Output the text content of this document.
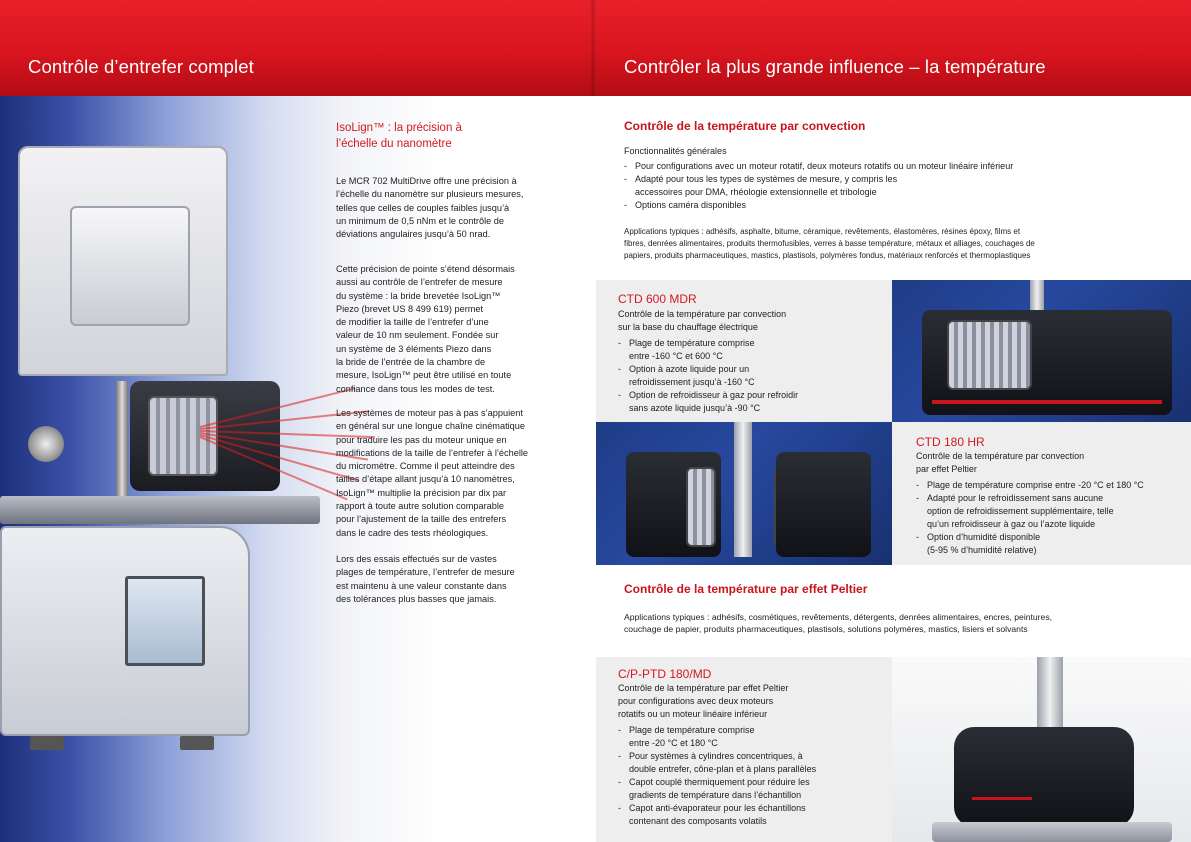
Contrôle d’entrefer complet	Contrôler la plus grande influence – la température
IsoLign™ : la précision à
l’échelle du nanomètre
Le MCR 702 MultiDrive offre une précision à
l’échelle du nanomètre sur plusieurs mesures,
telles que celles de couples faibles jusqu’à
un minimum de 0,5 nNm et le contrôle de
déviations angulaires jusqu’à 50 nrad.
Cette précision de pointe s’étend désormais
aussi au contrôle de l’entrefer de mesure
du système : la bride brevetée IsoLign™
Piezo (brevet US 8 499 619) permet
de modifier la taille de l’entrefer d’une
valeur de 10 nm seulement. Fondée sur
un système de 3 éléments Piezo dans
la bride de l’entrée de la chambre de
mesure, IsoLign™ peut être utilisé en toute
confiance dans tous les modes de test.
Les systèmes de moteur pas à pas s’appuient
en général sur une longue chaîne cinématique
pour traduire les pas du moteur unique en
modifications de la taille de l’entrefer à l’échelle
du micromètre. Comme il peut atteindre des
tailles d’étape allant jusqu’à 10 nanomètres,
IsoLign™ multiplie la précision par dix par
rapport à toute autre solution comparable
pour l’ajustement de la taille des entrefers
dans le cadre des tests rhéologiques.
Lors des essais effectués sur de vastes
plages de température, l’entrefer de mesure
est maintenu à une valeur constante dans
des tolérances plus basses que jamais.
Contrôle de la température par convection
Fonctionnalités générales
- Pour configurations avec un moteur rotatif, deux moteurs rotatifs ou un moteur linéaire inférieur
- Adapté pour tous les types de systèmes de mesure, y compris les
accessoires pour DMA, rhéologie extensionnelle et tribologie
- Options caméra disponibles
Applications typiques : adhésifs, asphalte, bitume, céramique, revêtements, élastomères, résines époxy, films et
fibres, denrées alimentaires, produits thermofusibles, verres à basse température, métaux et alliages, couchages de
papiers, produits pharmaceutiques, mastics, plastisols, polymères fondus, matériaux renforcés et thermoplastiques
CTD 600 MDR
Contrôle de la température par convection
sur la base du chauffage électrique
- Plage de température comprise
entre -160 °C et 600 °C
- Option à azote liquide pour un
refroidissement jusqu’à -160 °C
- Option de refroidisseur à gaz pour refroidir
sans azote liquide jusqu’à -90 °C
CTD 180 HR
Contrôle de la température par convection
par effet Peltier
- Plage de température comprise entre -20 °C et 180 °C
- Adapté pour le refroidissement sans aucune
option de refroidissement supplémentaire, telle
qu’un refroidisseur à gaz ou l’azote liquide
- Option d’humidité disponible
(5-95 % d’humidité relative)
Contrôle de la température par effet Peltier
Applications typiques : adhésifs, cosmétiques, revêtements, détergents, denrées alimentaires, encres, peintures,
couchage de papier, produits pharmaceutiques, plastisols, solutions polymères, mastics, lisiers et solvants
C/P-PTD 180/MD
Contrôle de la température par effet Peltier
pour configurations avec deux moteurs
rotatifs ou un moteur linéaire inférieur
- Plage de température comprise
entre -20 °C et 180 °C
- Pour systèmes à cylindres concentriques, à
double entrefer, cône-plan et à plans parallèles
- Capot couplé thermiquement pour réduire les
gradients de température dans l’échantillon
- Capot anti-évaporateur pour les échantillons
contenant des composants volatils
